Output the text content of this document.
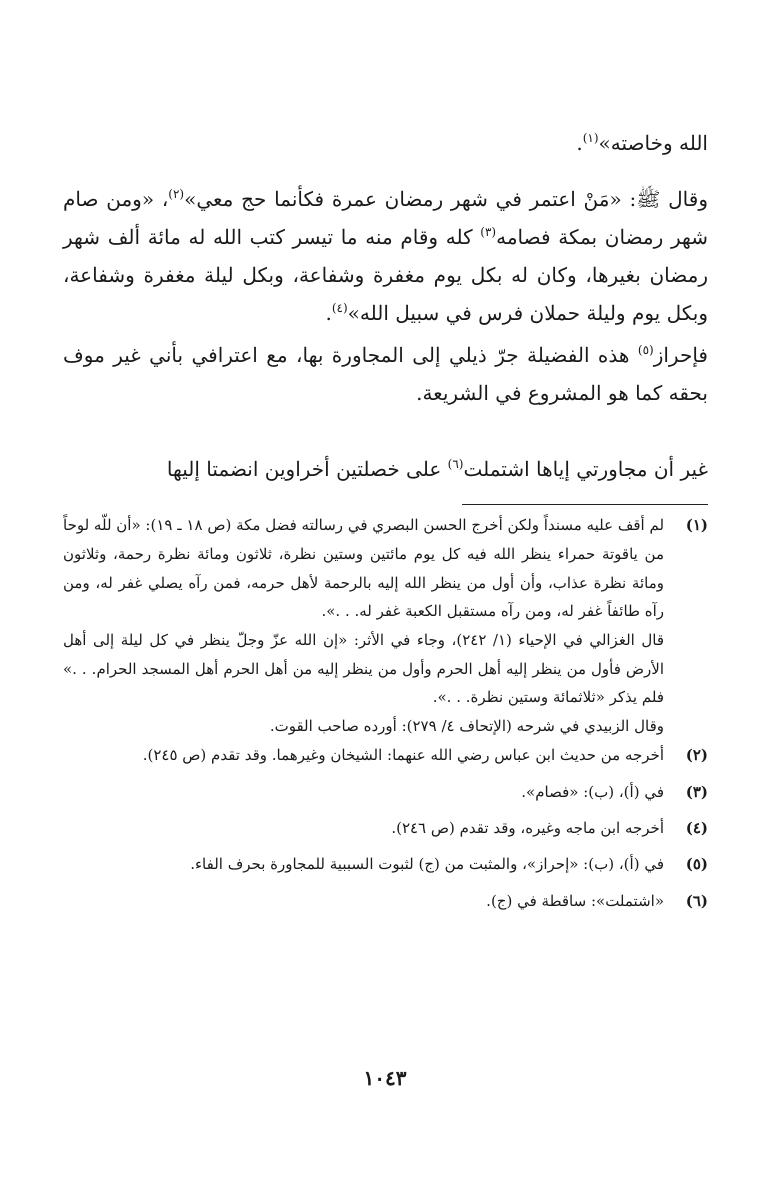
الله وخاصته»$^{(١)}$.

وقال ﷺ: «مَنْ اعتمر في شهر رمضان عمرة فكأنما حج معي»$^{(٢)}$، «ومن صام شهر رمضان بمكة فصامه$^{(٣)}$ كله وقام منه ما تيسر كتب الله له مائة ألف شهر رمضان بغيرها، وكان له بكل يوم مغفرة وشفاعة، وبكل ليلة مغفرة وشفاعة، وبكل يوم وليلة حملان فرس في سبيل الله»$^{(٤)}$.

فإحراز$^{(٥)}$ هذه الفضيلة جرّ ذيلي إلى المجاورة بها، مع اعترافي بأني غير موف بحقه كما هو المشروع في الشريعة.

غير أن مجاورتي إياها اشتملت$^{(٦)}$ على خصلتين أخراوين انضمتا إليها

(١)

لم أقف عليه مسنداً ولكن أخرج الحسن البصري في رسالته فضل مكة (ص ١٨ ـ ١٩): «أن للّه لوحاً من ياقوتة حمراء ينظر الله فيه كل يوم مائتين وستين نظرة، ثلاثون ومائة نظرة رحمة، وثلاثون ومائة نظرة عذاب، وأن أول من ينظر الله إليه بالرحمة لأهل حرمه، فمن رآه يصلي غفر له، ومن رآه طائفاً غفر له، ومن رآه مستقبل الكعبة غفر له. . .».

قال الغزالي في الإحياء (١/ ٢٤٢)، وجاء في الأثر: «إن الله عزّ وجلّ ينظر في كل ليلة إلى أهل الأرض فأول من ينظر إليه أهل الحرم وأول من ينظر إليه من أهل الحرم أهل المسجد الحرام. . .» فلم يذكر «ثلاثمائة وستين نظرة. . .».

وقال الزبيدي في شرحه (الإتحاف ٤/ ٢٧٩): أورده صاحب القوت.

(٢)
أخرجه من حديث ابن عباس رضي الله عنهما: الشيخان وغيرهما. وقد تقدم (ص ٢٤٥).
(٣)
في (أ)، (ب): «فصام».
(٤)
أخرجه ابن ماجه وغيره، وقد تقدم (ص ٢٤٦).
(٥)
في (أ)، (ب): «إحراز»، والمثبت من (ج) لثبوت السببية للمجاورة بحرف الفاء.
(٦)
«اشتملت»: ساقطة في (ج).
١٠٤٣
